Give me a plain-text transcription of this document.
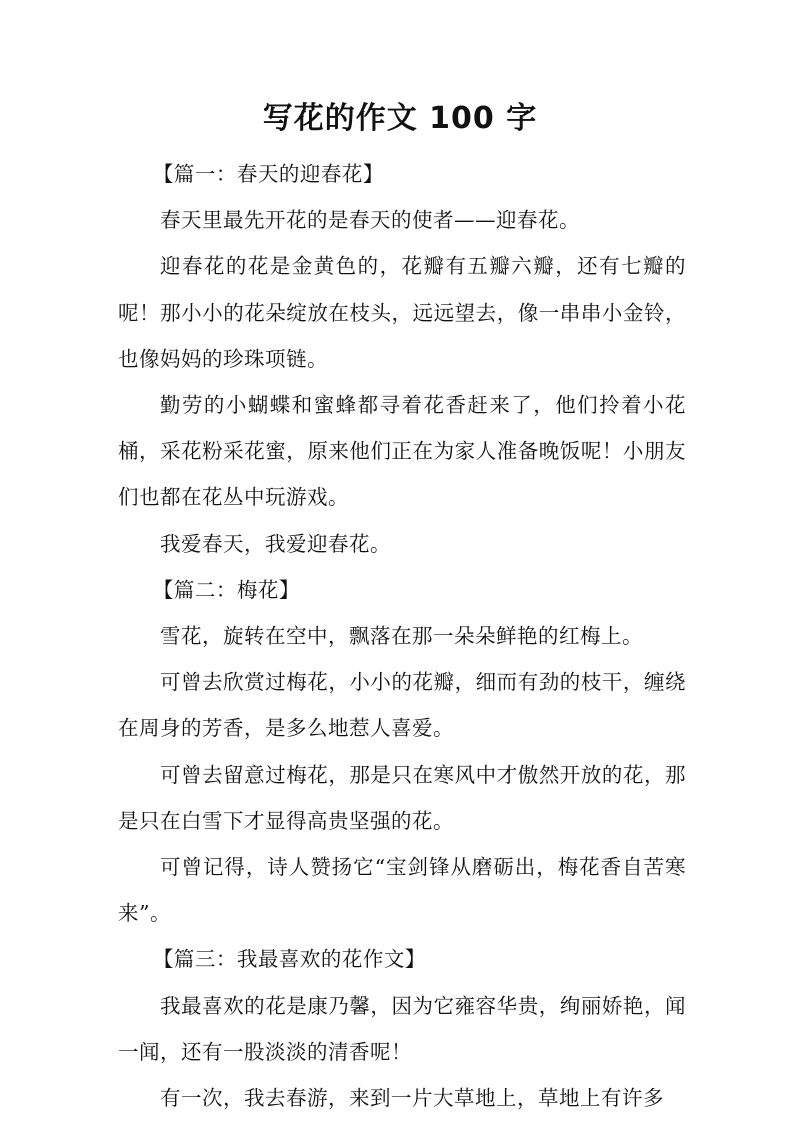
写花的作文 100 字

【篇一：春天的迎春花】

春天里最先开花的是春天的使者——迎春花。

迎春花的花是金黄色的，花瓣有五瓣六瓣，还有七瓣的呢！那小小的花朵绽放在枝头，远远望去，像一串串小金铃，也像妈妈的珍珠项链。

勤劳的小蝴蝶和蜜蜂都寻着花香赶来了，他们拎着小花桶，采花粉采花蜜，原来他们正在为家人准备晚饭呢！小朋友们也都在花丛中玩游戏。

我爱春天，我爱迎春花。

【篇二：梅花】

雪花，旋转在空中，飘落在那一朵朵鲜艳的红梅上。

可曾去欣赏过梅花，小小的花瓣，细而有劲的枝干，缠绕在周身的芳香，是多么地惹人喜爱。

可曾去留意过梅花，那是只在寒风中才傲然开放的花，那是只在白雪下才显得高贵坚强的花。

可曾记得，诗人赞扬它“宝剑锋从磨砺出，梅花香自苦寒来”。

【篇三：我最喜欢的花作文】

我最喜欢的花是康乃馨，因为它雍容华贵，绚丽娇艳，闻一闻，还有一股淡淡的清香呢！

有一次，我去春游，来到一片大草地上，草地上有许多
